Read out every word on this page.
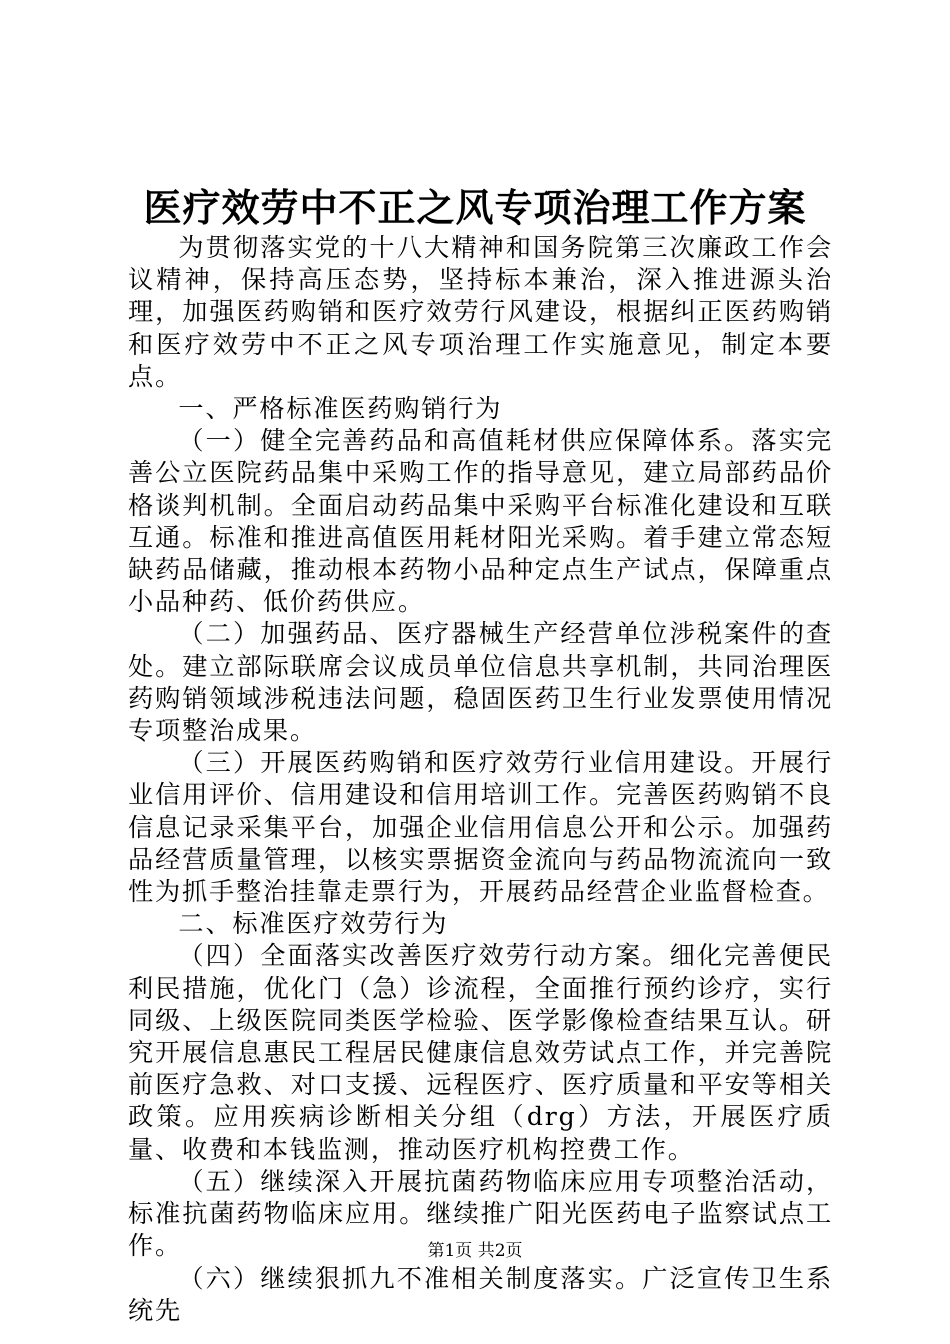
医疗效劳中不正之风专项治理工作方案

为贯彻落实党的十八大精神和国务院第三次廉政工作会议精神，保持高压态势，坚持标本兼治，深入推进源头治理，加强医药购销和医疗效劳行风建设，根据纠正医药购销和医疗效劳中不正之风专项治理工作实施意见，制定本要点。

一、严格标准医药购销行为

（一）健全完善药品和高值耗材供应保障体系。落实完善公立医院药品集中采购工作的指导意见，建立局部药品价格谈判机制。全面启动药品集中采购平台标准化建设和互联互通。标准和推进高值医用耗材阳光采购。着手建立常态短缺药品储藏，推动根本药物小品种定点生产试点，保障重点小品种药、低价药供应。

（二）加强药品、医疗器械生产经营单位涉税案件的查处。建立部际联席会议成员单位信息共享机制，共同治理医药购销领域涉税违法问题，稳固医药卫生行业发票使用情况专项整治成果。

（三）开展医药购销和医疗效劳行业信用建设。开展行业信用评价、信用建设和信用培训工作。完善医药购销不良信息记录采集平台，加强企业信用信息公开和公示。加强药品经营质量管理，以核实票据资金流向与药品物流流向一致性为抓手整治挂靠走票行为，开展药品经营企业监督检查。

二、标准医疗效劳行为

（四）全面落实改善医疗效劳行动方案。细化完善便民利民措施，优化门（急）诊流程，全面推行预约诊疗，实行同级、上级医院同类医学检验、医学影像检查结果互认。研究开展信息惠民工程居民健康信息效劳试点工作，并完善院前医疗急救、对口支援、远程医疗、医疗质量和平安等相关政策。应用疾病诊断相关分组（drg）方法，开展医疗质量、收费和本钱监测，推动医疗机构控费工作。

（五）继续深入开展抗菌药物临床应用专项整治活动，标准抗菌药物临床应用。继续推广阳光医药电子监察试点工作。

（六）继续狠抓九不准相关制度落实。广泛宣传卫生系统先

第1页 共2页
